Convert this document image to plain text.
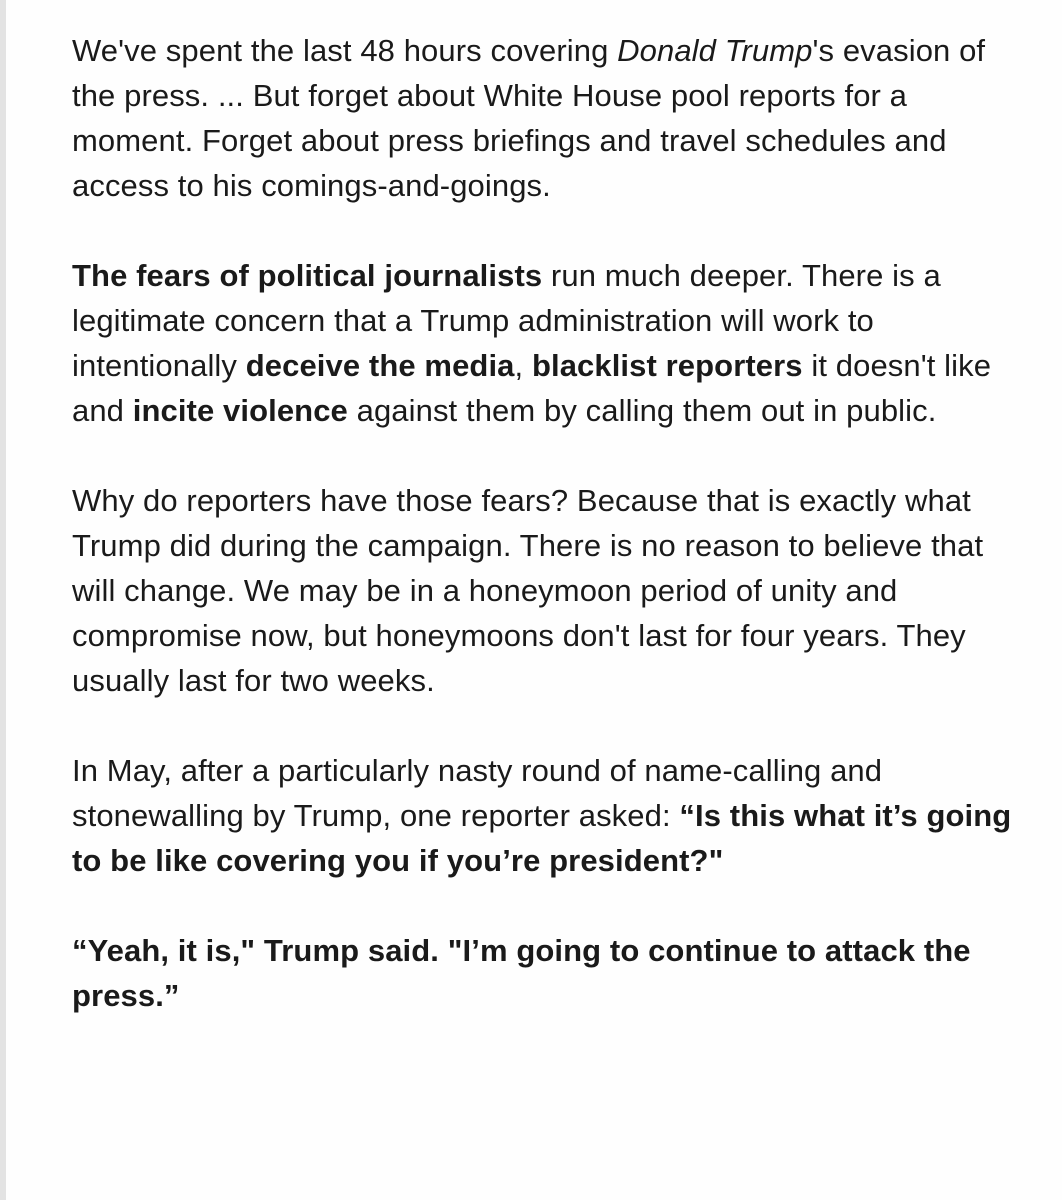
We've spent the last 48 hours covering Donald Trump's evasion of the press. ... But forget about White House pool reports for a moment. Forget about press briefings and travel schedules and access to his comings-and-goings.

The fears of political journalists run much deeper. There is a legitimate concern that a Trump administration will work to intentionally deceive the media, blacklist reporters it doesn't like and incite violence against them by calling them out in public.

Why do reporters have those fears? Because that is exactly what Trump did during the campaign. There is no reason to believe that will change. We may be in a honeymoon period of unity and compromise now, but honeymoons don't last for four years. They usually last for two weeks.

In May, after a particularly nasty round of name-calling and stonewalling by Trump, one reporter asked: “Is this what it’s going to be like covering you if you’re president?"

“Yeah, it is," Trump said. "I’m going to continue to attack the press.”
